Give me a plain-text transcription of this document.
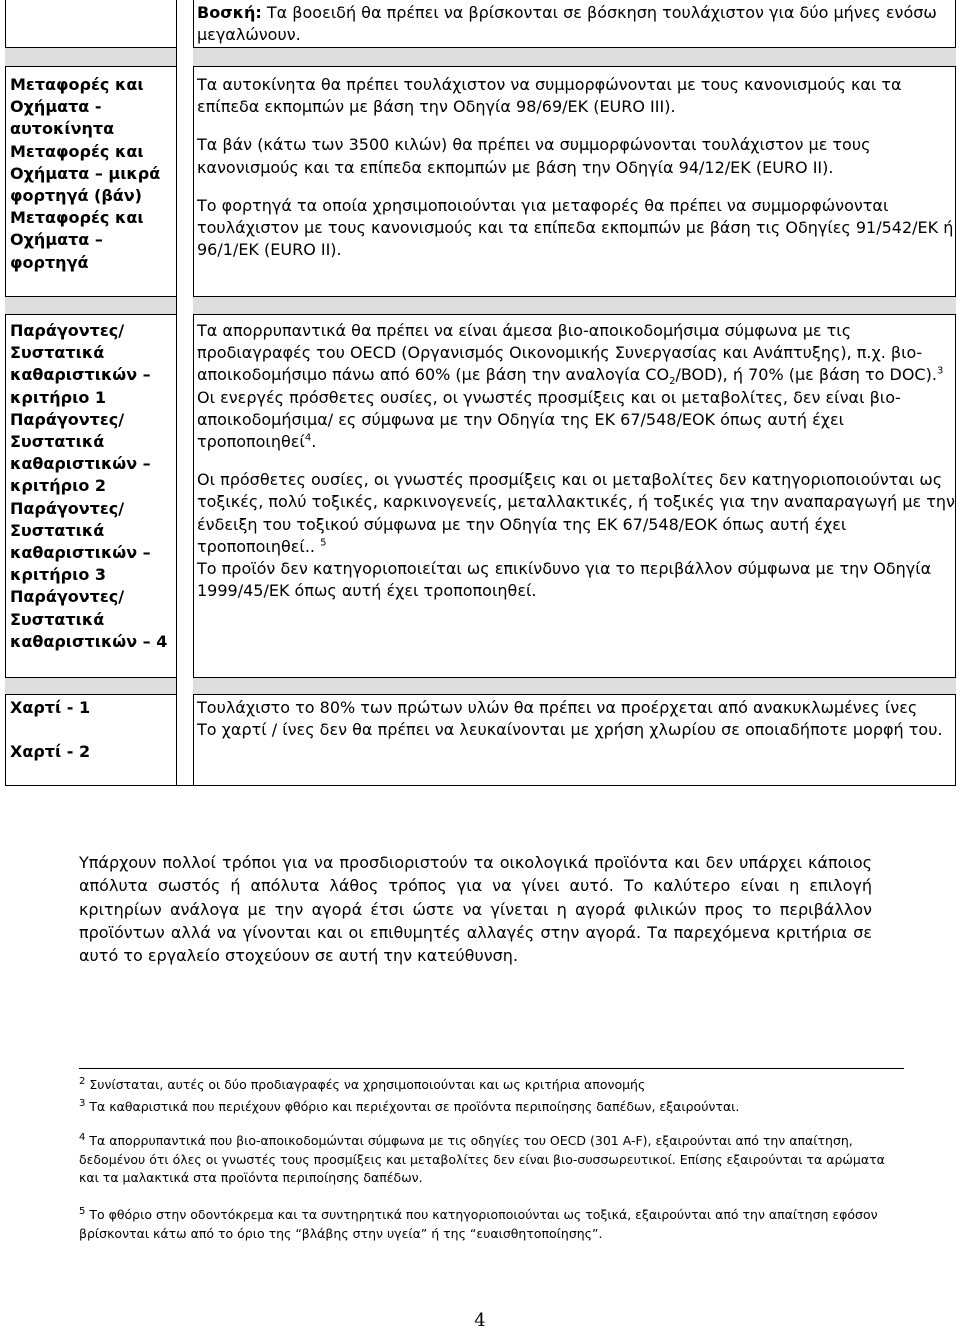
Βοσκή: Τα βοοειδή θα πρέπει να βρίσκονται σε βόσκηση τουλάχιστον για δύο μήνες ενόσω μεγαλώνουν.

Μεταφορές και Οχήματα - αυτοκίνητα
Μεταφορές και Οχήματα – μικρά φορτηγά (βάν)
Μεταφορές και Οχήματα – φορτηγά

Τα αυτοκίνητα θα πρέπει τουλάχιστον να συμμορφώνονται με τους κανονισμούς και τα επίπεδα εκπομπών με βάση την Οδηγία 98/69/ΕΚ (EURO III).

Τα βάν (κάτω των 3500 κιλών) θα πρέπει να συμμορφώνονται τουλάχιστον με τους κανονισμούς και τα επίπεδα εκπομπών με βάση την Οδηγία 94/12/ΕΚ (EURO II).

Το φορτηγά τα οποία χρησιμοποιούνται για μεταφορές θα πρέπει να συμμορφώνονται τουλάχιστον με τους κανονισμούς και τα επίπεδα εκπομπών με βάση τις Οδηγίες 91/542/ΕΚ ή 96/1/ΕΚ (EURO II).

Παράγοντες/ Συστατικά καθαριστικών – κριτήριο 1
Παράγοντες/ Συστατικά καθαριστικών – κριτήριο 2
Παράγοντες/ Συστατικά καθαριστικών – κριτήριο 3
Παράγοντες/ Συστατικά καθαριστικών – 4

Τα απορρυπαντικά θα πρέπει να είναι άμεσα βιο-αποικοδομήσιμα σύμφωνα με τις προδιαγραφές του OECD (Οργανισμός Οικονομικής Συνεργασίας και Ανάπτυξης), π.χ. βιο-αποικοδομήσιμο πάνω από 60% (με βάση την αναλογία $CO_2/BOD$), ή 70% (με βάση το DOC).$^3$

Οι ενεργές πρόσθετες ουσίες, οι γνωστές προσμίξεις και οι μεταβολίτες, δεν είναι βιο-αποικοδομήσιμα/ ες σύμφωνα με την Οδηγία της ΕΚ 67/548/ΕΟΚ όπως αυτή έχει τροποποιηθεί$^4$.

Οι πρόσθετες ουσίες, οι γνωστές προσμίξεις και οι μεταβολίτες δεν κατηγοριοποιούνται ως τοξικές, πολύ τοξικές, καρκινογενείς, μεταλλακτικές, ή τοξικές για την αναπαραγωγή με την ένδειξη του τοξικού σύμφωνα με την Οδηγία της ΕΚ 67/548/ΕΟΚ όπως αυτή έχει τροποποιηθεί.. $^5$

Το προϊόν δεν κατηγοριοποιείται ως επικίνδυνο για το περιβάλλον σύμφωνα με την Οδηγία 1999/45/ΕΚ όπως αυτή έχει τροποποιηθεί.

Χαρτί - 1
Χαρτί - 2

Τουλάχιστο το 80% των πρώτων υλών θα πρέπει να προέρχεται από ανακυκλωμένες ίνες

Το χαρτί / ίνες δεν θα πρέπει να λευκαίνονται με χρήση χλωρίου σε οποιαδήποτε μορφή του.

Υπάρχουν πολλοί τρόποι για να προσδιοριστούν τα οικολογικά προϊόντα και δεν υπάρχει κάποιος απόλυτα σωστός ή απόλυτα λάθος τρόπος για να γίνει αυτό. Το καλύτερο είναι η επιλογή κριτηρίων ανάλογα με την αγορά έτσι ώστε να γίνεται η αγορά φιλικών προς το περιβάλλον προϊόντων αλλά να γίνονται και οι επιθυμητές αλλαγές στην αγορά. Τα παρεχόμενα κριτήρια σε αυτό το εργαλείο στοχεύουν σε αυτή την κατεύθυνση.
$^2$ Συνίσταται, αυτές οι δύο προδιαγραφές να χρησιμοποιούνται και ως κριτήρια απονομής
$^3$ Τα καθαριστικά που περιέχουν φθόριο και περιέχονται σε προϊόντα περιποίησης δαπέδων, εξαιρούνται.
$^4$ Τα απορρυπαντικά που βιο-αποικοδομώνται σύμφωνα με τις οδηγίες του OECD (301 A-F), εξαιρούνται από την απαίτηση, δεδομένου ότι όλες οι γνωστές τους προσμίξεις και μεταβολίτες δεν είναι βιο-συσσωρευτικοί. Επίσης εξαιρούνται τα αρώματα και τα μαλακτικά στα προϊόντα περιποίησης δαπέδων.
$^5$ Το φθόριο στην οδοντόκρεμα και τα συντηρητικά που κατηγοριοποιούνται ως τοξικά, εξαιρούνται από την απαίτηση εφόσον βρίσκονται κάτω από το όριο της “βλάβης στην υγεία” ή της “ευαισθητοποίησης”.
4
